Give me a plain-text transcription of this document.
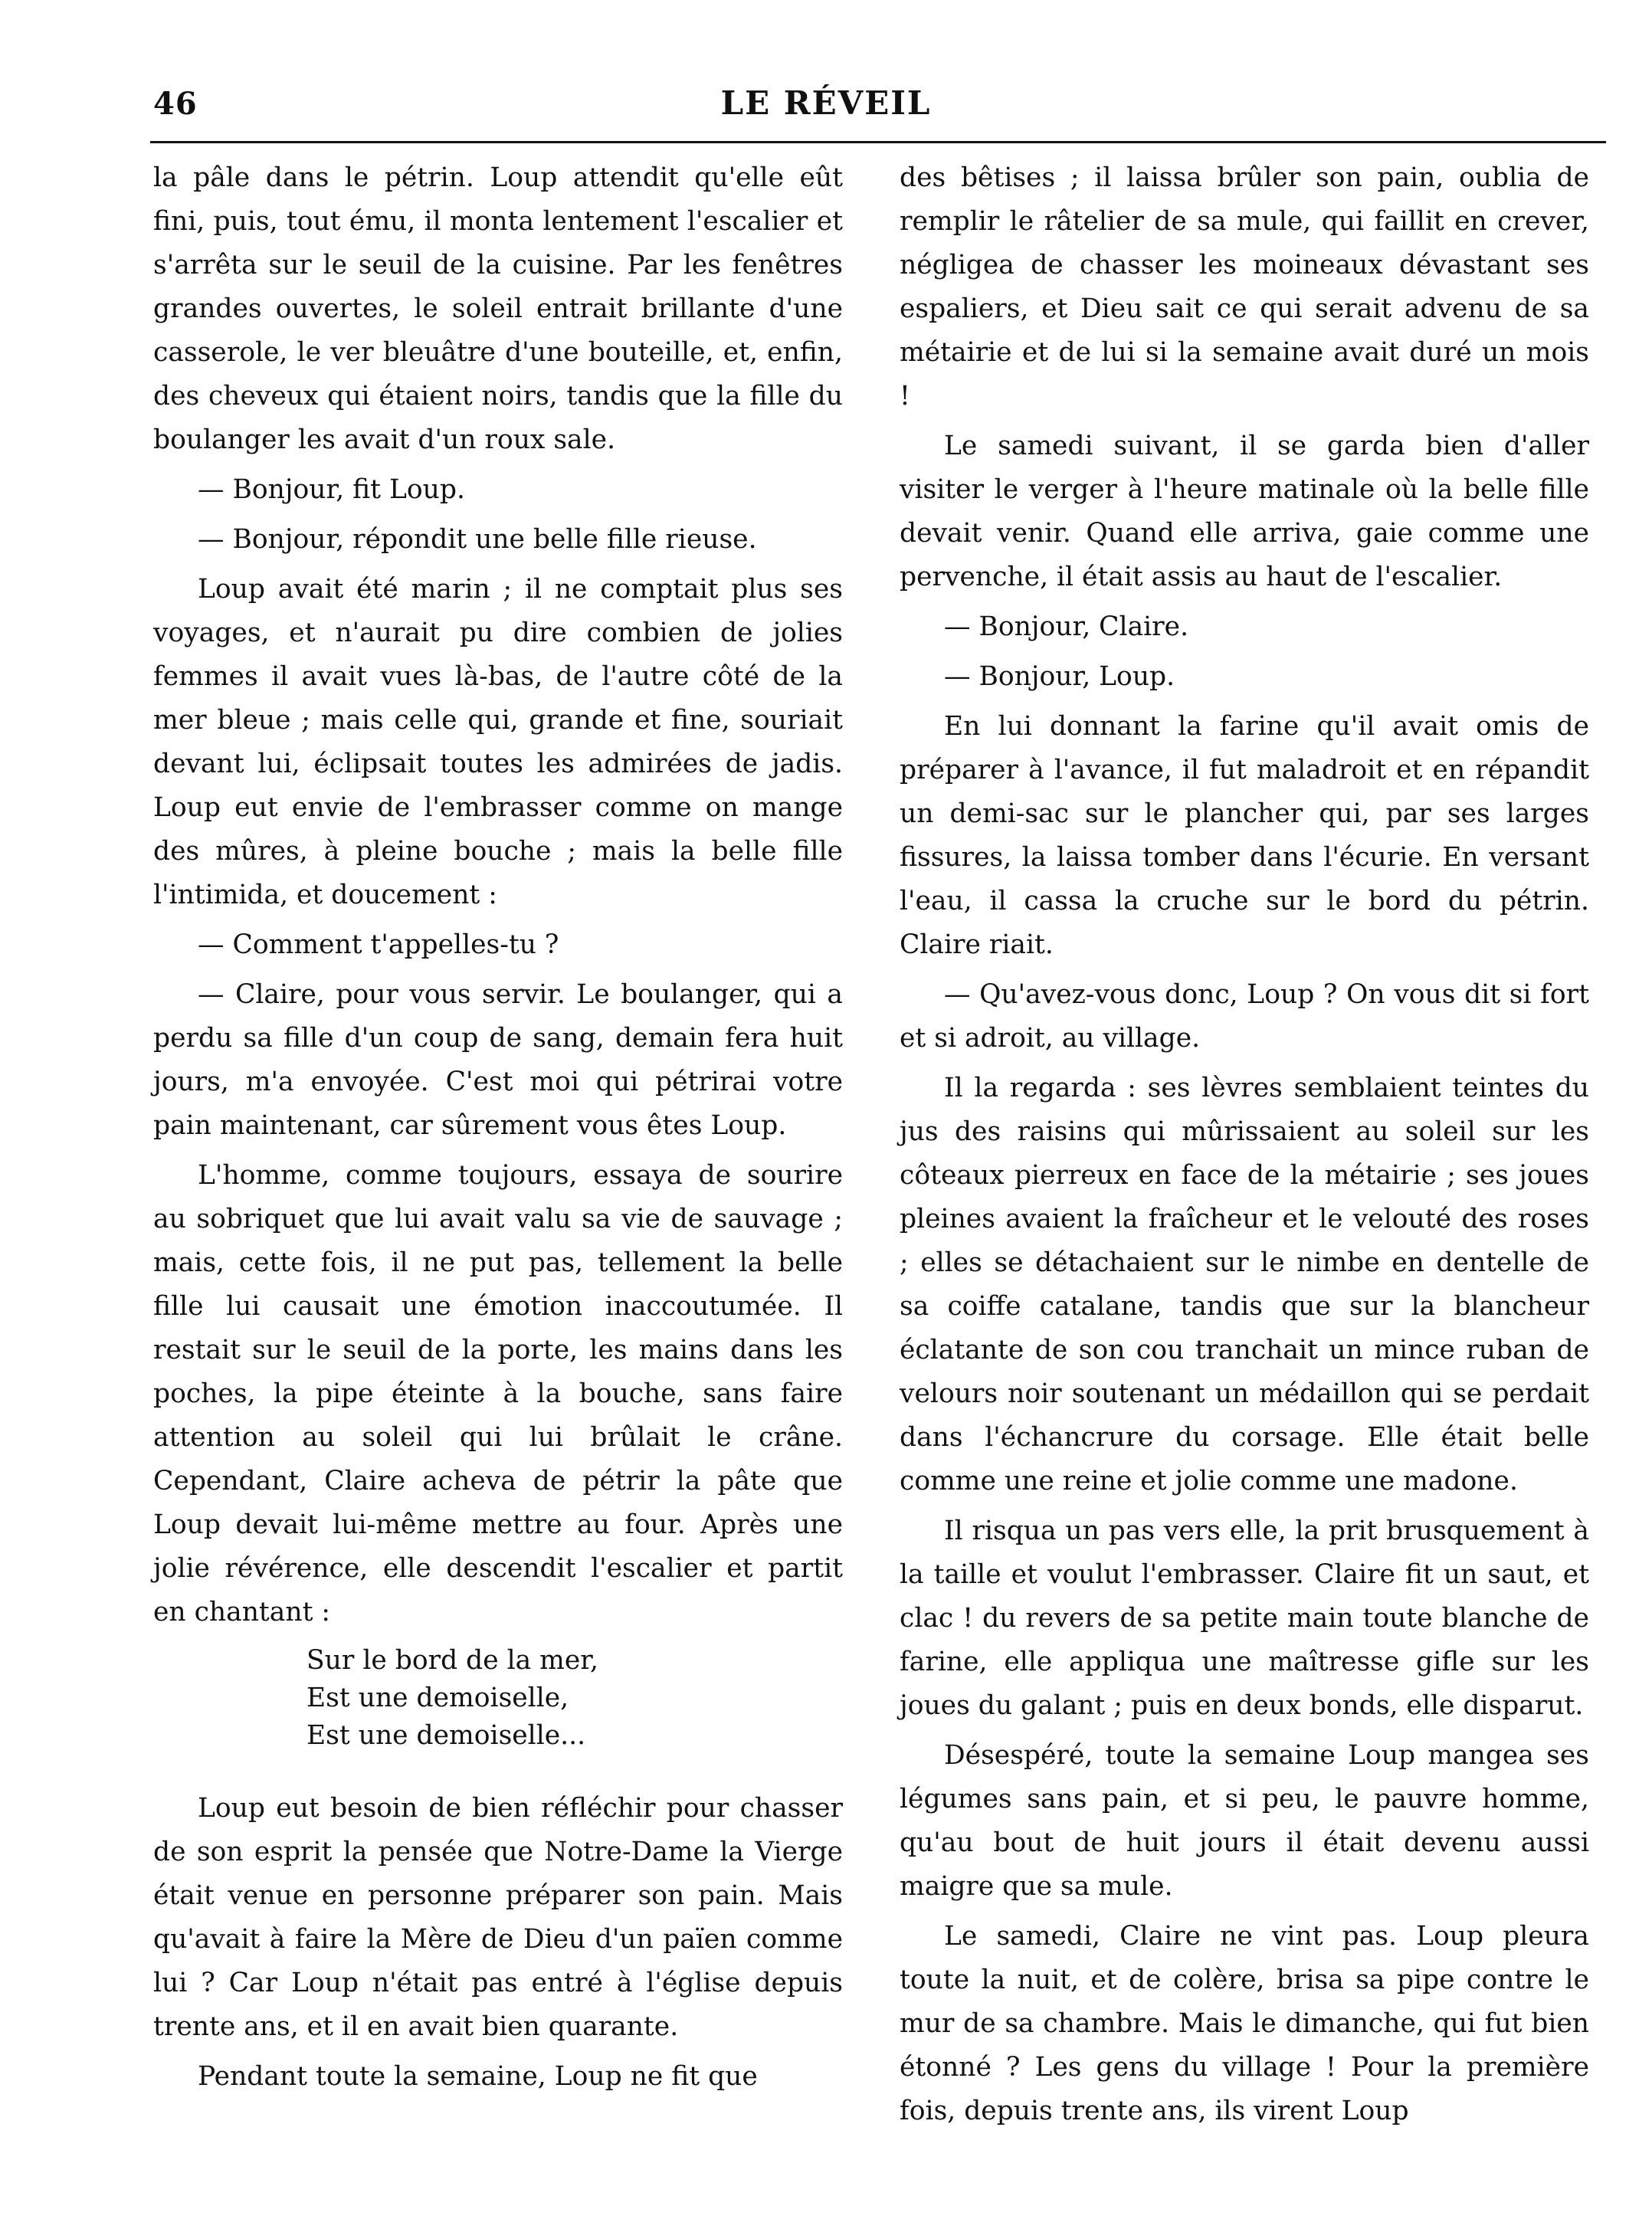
46	LE RÉVEIL

la pâle dans le pétrin. Loup attendit qu'elle eût fini, puis, tout ému, il monta lentement l'escalier et s'arrêta sur le seuil de la cuisine. Par les fenêtres grandes ouvertes, le soleil entrait brillante d'une casserole, le ver bleuâtre d'une bouteille, et, enfin, des cheveux qui étaient noirs, tandis que la fille du boulanger les avait d'un roux sale.

— Bonjour, fit Loup.

— Bonjour, répondit une belle fille rieuse.

Loup avait été marin ; il ne comptait plus ses voyages, et n'aurait pu dire combien de jolies femmes il avait vues là-bas, de l'autre côté de la mer bleue ; mais celle qui, grande et fine, souriait devant lui, éclipsait toutes les admirées de jadis. Loup eut envie de l'embrasser comme on mange des mûres, à pleine bouche ; mais la belle fille l'intimida, et doucement :

— Comment t'appelles-tu ?

— Claire, pour vous servir. Le boulanger, qui a perdu sa fille d'un coup de sang, demain fera huit jours, m'a envoyée. C'est moi qui pétrirai votre pain maintenant, car sûrement vous êtes Loup.

L'homme, comme toujours, essaya de sourire au sobriquet que lui avait valu sa vie de sauvage ; mais, cette fois, il ne put pas, tellement la belle fille lui causait une émotion inaccoutumée. Il restait sur le seuil de la porte, les mains dans les poches, la pipe éteinte à la bouche, sans faire attention au soleil qui lui brûlait le crâne. Cependant, Claire acheva de pétrir la pâte que Loup devait lui-même mettre au four. Après une jolie révérence, elle descendit l'escalier et partit en chantant :

Sur le bord de la mer,
Est une demoiselle,
Est une demoiselle...

Loup eut besoin de bien réfléchir pour chasser de son esprit la pensée que Notre-Dame la Vierge était venue en personne préparer son pain. Mais qu'avait à faire la Mère de Dieu d'un païen comme lui ? Car Loup n'était pas entré à l'église depuis trente ans, et il en avait bien quarante.

Pendant toute la semaine, Loup ne fit que

des bêtises ; il laissa brûler son pain, oublia de remplir le râtelier de sa mule, qui faillit en crever, négligea de chasser les moineaux dévastant ses espaliers, et Dieu sait ce qui serait advenu de sa métairie et de lui si la semaine avait duré un mois !

Le samedi suivant, il se garda bien d'aller visiter le verger à l'heure matinale où la belle fille devait venir. Quand elle arriva, gaie comme une pervenche, il était assis au haut de l'escalier.

— Bonjour, Claire.

— Bonjour, Loup.

En lui donnant la farine qu'il avait omis de préparer à l'avance, il fut maladroit et en répandit un demi-sac sur le plancher qui, par ses larges fissures, la laissa tomber dans l'écurie. En versant l'eau, il cassa la cruche sur le bord du pétrin. Claire riait.

— Qu'avez-vous donc, Loup ? On vous dit si fort et si adroit, au village.

Il la regarda : ses lèvres semblaient teintes du jus des raisins qui mûrissaient au soleil sur les côteaux pierreux en face de la métairie ; ses joues pleines avaient la fraîcheur et le velouté des roses ; elles se détachaient sur le nimbe en dentelle de sa coiffe catalane, tandis que sur la blancheur éclatante de son cou tranchait un mince ruban de velours noir soutenant un médaillon qui se perdait dans l'échancrure du corsage. Elle était belle comme une reine et jolie comme une madone.

Il risqua un pas vers elle, la prit brusquement à la taille et voulut l'embrasser. Claire fit un saut, et clac ! du revers de sa petite main toute blanche de farine, elle appliqua une maîtresse gifle sur les joues du galant ; puis en deux bonds, elle disparut.

Désespéré, toute la semaine Loup mangea ses légumes sans pain, et si peu, le pauvre homme, qu'au bout de huit jours il était devenu aussi maigre que sa mule.

Le samedi, Claire ne vint pas. Loup pleura toute la nuit, et de colère, brisa sa pipe contre le mur de sa chambre. Mais le dimanche, qui fut bien étonné ? Les gens du village ! Pour la première fois, depuis trente ans, ils virent Loup
